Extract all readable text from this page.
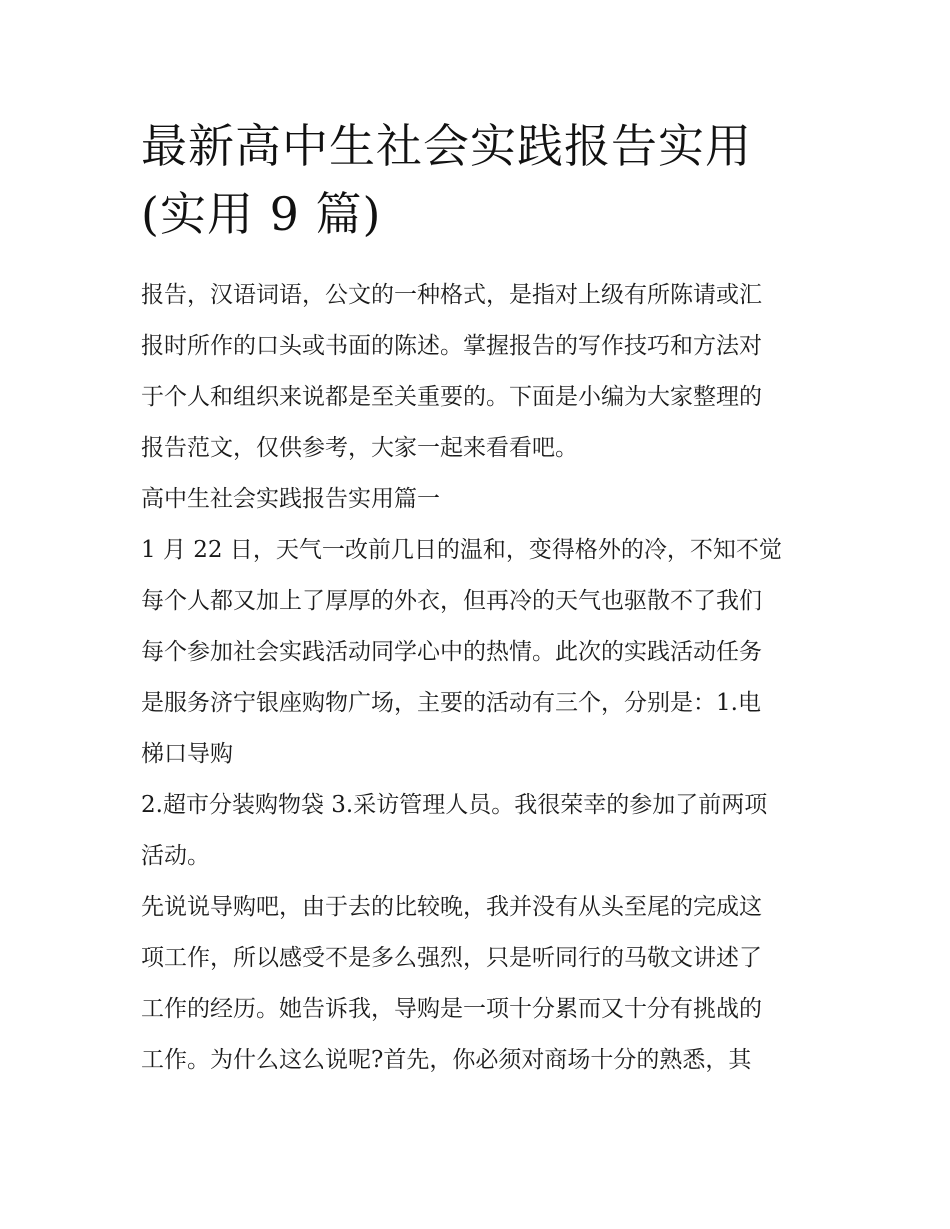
最新高中生社会实践报告实用
(实用 9 篇)

报告，汉语词语，公文的一种格式，是指对上级有所陈请或汇
报时所作的口头或书面的陈述。掌握报告的写作技巧和方法对
于个人和组织来说都是至关重要的。下面是小编为大家整理的
报告范文，仅供参考，大家一起来看看吧。

高中生社会实践报告实用篇一

1 月 22 日，天气一改前几日的温和，变得格外的冷，不知不觉
每个人都又加上了厚厚的外衣，但再冷的天气也驱散不了我们
每个参加社会实践活动同学心中的热情。此次的实践活动任务
是服务济宁银座购物广场，主要的活动有三个，分别是：1.电
梯口导购

2.超市分装购物袋 3.采访管理人员。我很荣幸的参加了前两项
活动。

先说说导购吧，由于去的比较晚，我并没有从头至尾的完成这
项工作，所以感受不是多么强烈，只是听同行的马敬文讲述了
工作的经历。她告诉我，导购是一项十分累而又十分有挑战的
工作。为什么这么说呢?首先，你必须对商场十分的熟悉，其
